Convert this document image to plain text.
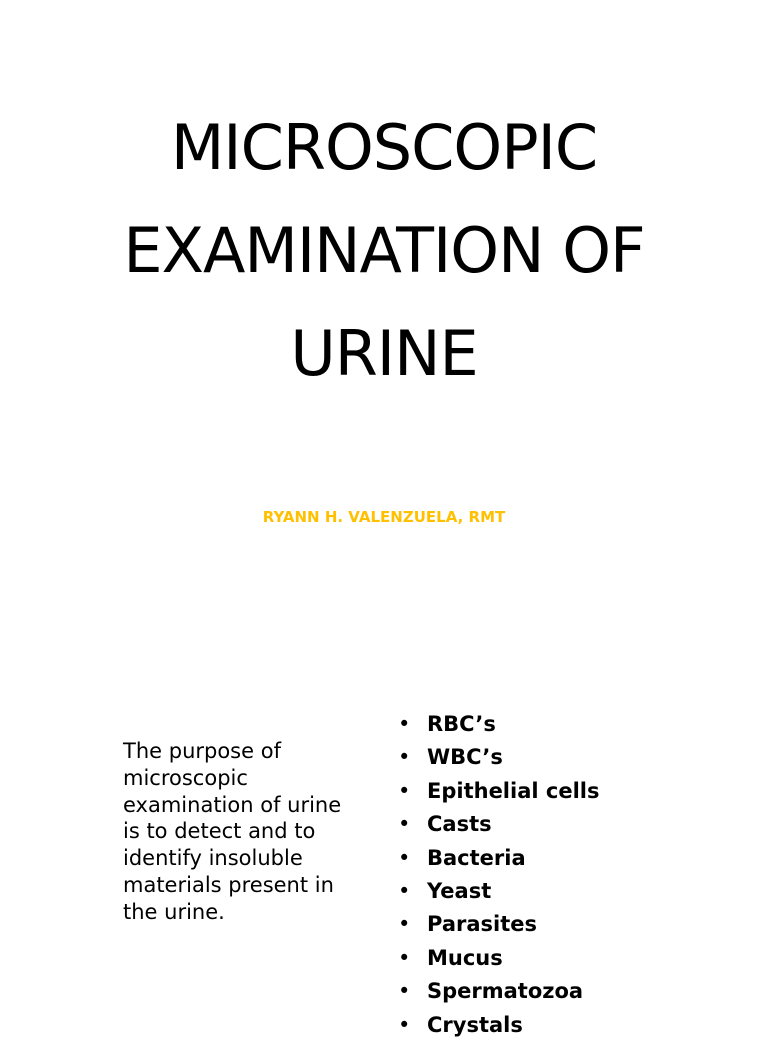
MICROSCOPIC
EXAMINATION OF
URINE
RYANN H. VALENZUELA, RMT

The purpose of microscopic examination of urine is to detect and to identify insoluble materials present in the urine.

• RBC’s
• WBC’s
• Epithelial cells
• Casts
• Bacteria
• Yeast
• Parasites
• Mucus
• Spermatozoa
• Crystals
